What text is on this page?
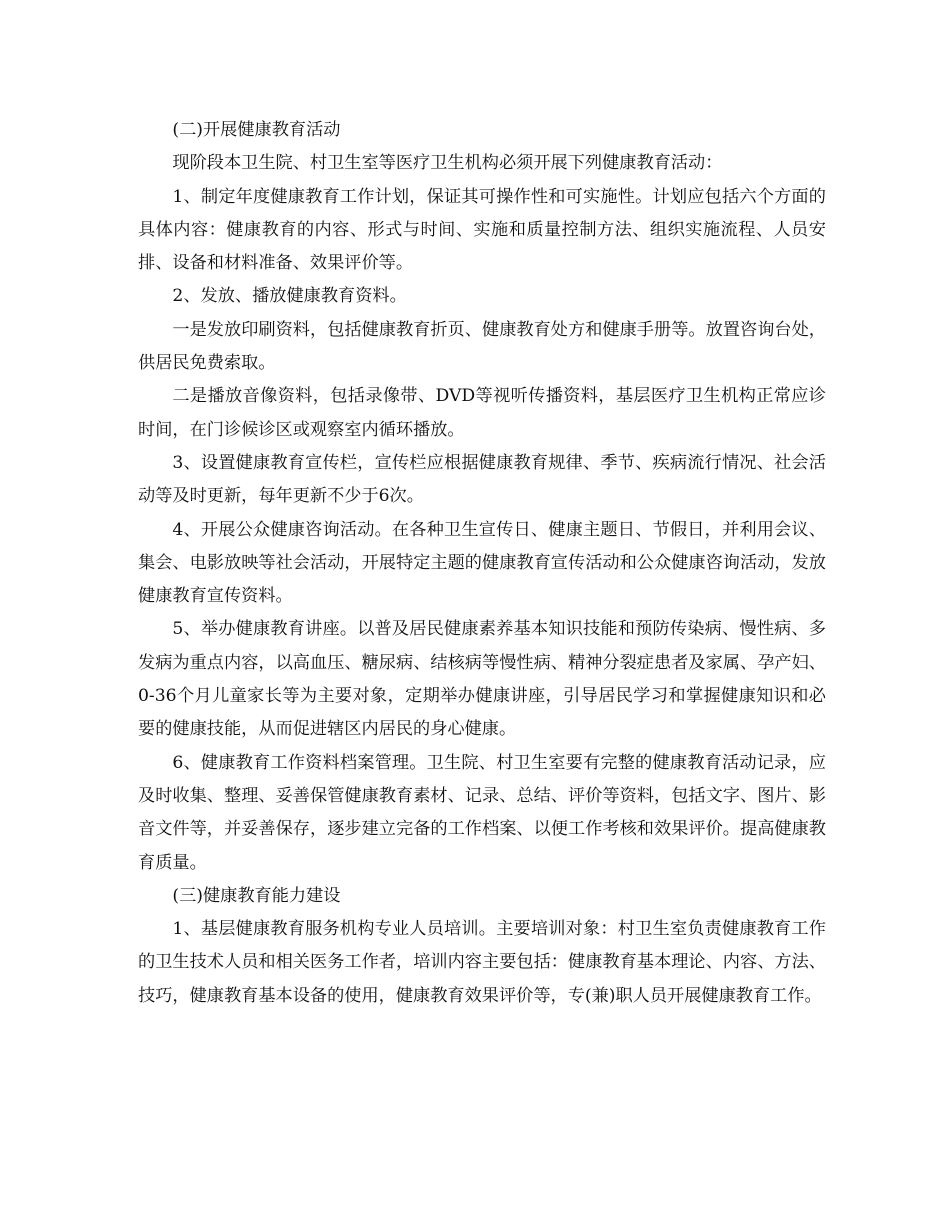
(二)开展健康教育活动

现阶段本卫生院、村卫生室等医疗卫生机构必须开展下列健康教育活动：

1、制定年度健康教育工作计划，保证其可操作性和可实施性。计划应包括六个方面的具体内容：健康教育的内容、形式与时间、实施和质量控制方法、组织实施流程、人员安排、设备和材料准备、效果评价等。

2、发放、播放健康教育资料。

一是发放印刷资料，包括健康教育折页、健康教育处方和健康手册等。放置咨询台处，供居民免费索取。

二是播放音像资料，包括录像带、DVD等视听传播资料，基层医疗卫生机构正常应诊时间，在门诊候诊区或观察室内循环播放。

3、设置健康教育宣传栏，宣传栏应根据健康教育规律、季节、疾病流行情况、社会活动等及时更新，每年更新不少于6次。

4、开展公众健康咨询活动。在各种卫生宣传日、健康主题日、节假日，并利用会议、集会、电影放映等社会活动，开展特定主题的健康教育宣传活动和公众健康咨询活动，发放健康教育宣传资料。

5、举办健康教育讲座。以普及居民健康素养基本知识技能和预防传染病、慢性病、多发病为重点内容，以高血压、糖尿病、结核病等慢性病、精神分裂症患者及家属、孕产妇、0-36个月儿童家长等为主要对象，定期举办健康讲座，引导居民学习和掌握健康知识和必要的健康技能，从而促进辖区内居民的身心健康。

6、健康教育工作资料档案管理。卫生院、村卫生室要有完整的健康教育活动记录，应及时收集、整理、妥善保管健康教育素材、记录、总结、评价等资料，包括文字、图片、影音文件等，并妥善保存，逐步建立完备的工作档案、以便工作考核和效果评价。提高健康教育质量。

(三)健康教育能力建设

1、基层健康教育服务机构专业人员培训。主要培训对象：村卫生室负责健康教育工作的卫生技术人员和相关医务工作者，培训内容主要包括：健康教育基本理论、内容、方法、技巧，健康教育基本设备的使用，健康教育效果评价等，专(兼)职人员开展健康教育工作。
